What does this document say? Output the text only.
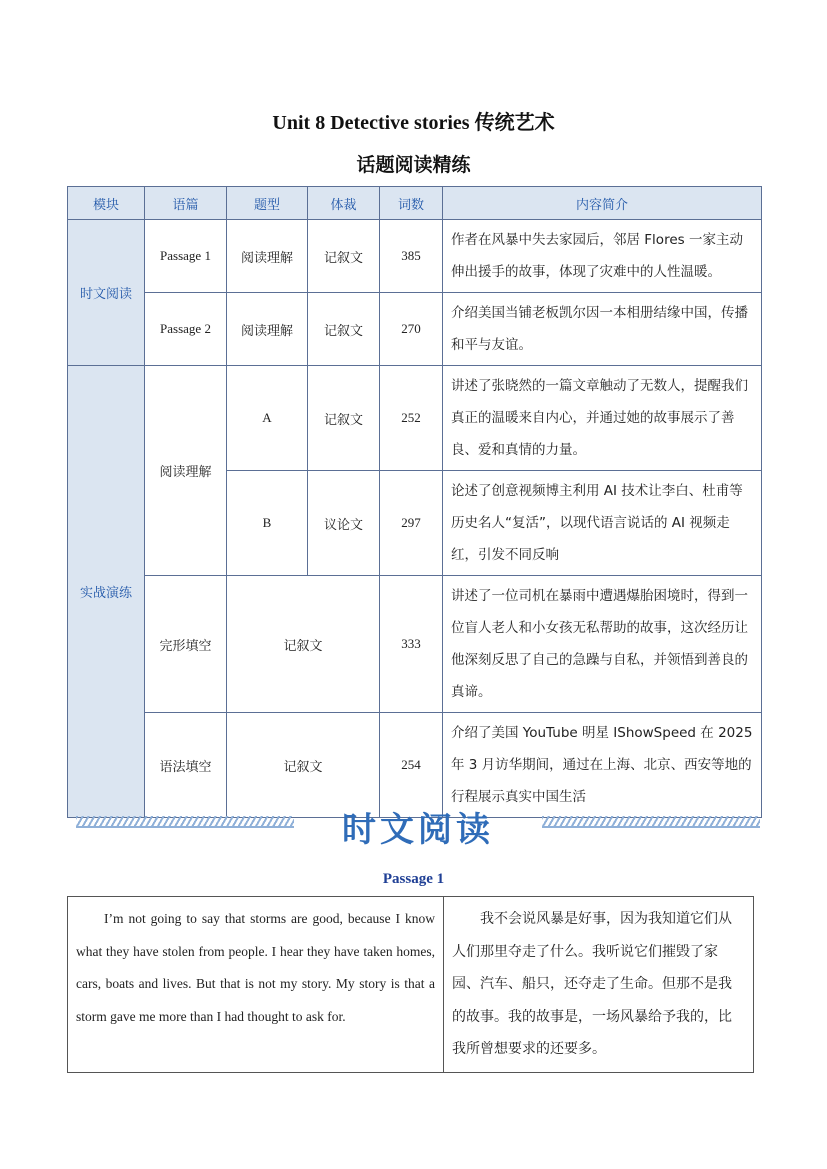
Unit 8 Detective stories 传统艺术
话题阅读精练
模块	语篇	题型	体裁	词数	内容简介
时文阅读	Passage 1	阅读理解	记叙文	385	作者在风暴中失去家园后，邻居 Flores 一家主动伸出援手的故事，体现了灾难中的人性温暖。
	Passage 2	阅读理解	记叙文	270	介绍美国当铺老板凯尔因一本相册结缘中国，传播和平与友谊。
实战演练	阅读理解	A	记叙文	252	讲述了张晓然的一篇文章触动了无数人，提醒我们真正的温暖来自内心，并通过她的故事展示了善良、爱和真情的力量。
		B	议论文	297	论述了创意视频博主利用 AI 技术让李白、杜甫等历史名人“复活”，以现代语言说话的 AI 视频走红，引发不同反响
	完形填空	记叙文		333	讲述了一位司机在暴雨中遭遇爆胎困境时，得到一位盲人老人和小女孩无私帮助的故事，这次经历让他深刻反思了自己的急躁与自私，并领悟到善良的真谛。
	语法填空	记叙文		254	介绍了美国 YouTube 明星 IShowSpeed 在 2025 年 3 月访华期间，通过在上海、北京、西安等地的行程展示真实中国生活
时文阅读
Passage 1
I’m not going to say that storms are good, because I know what they have stolen from people. I hear they have taken homes, cars, boats and lives. But that is not my story. My story is that a storm gave me more than I had thought to ask for.	我不会说风暴是好事，因为我知道它们从人们那里夺走了什么。我听说它们摧毁了家园、汽车、船只，还夺走了生命。但那不是我的故事。我的故事是，一场风暴给予我的，比我所曾想要求的还要多。
